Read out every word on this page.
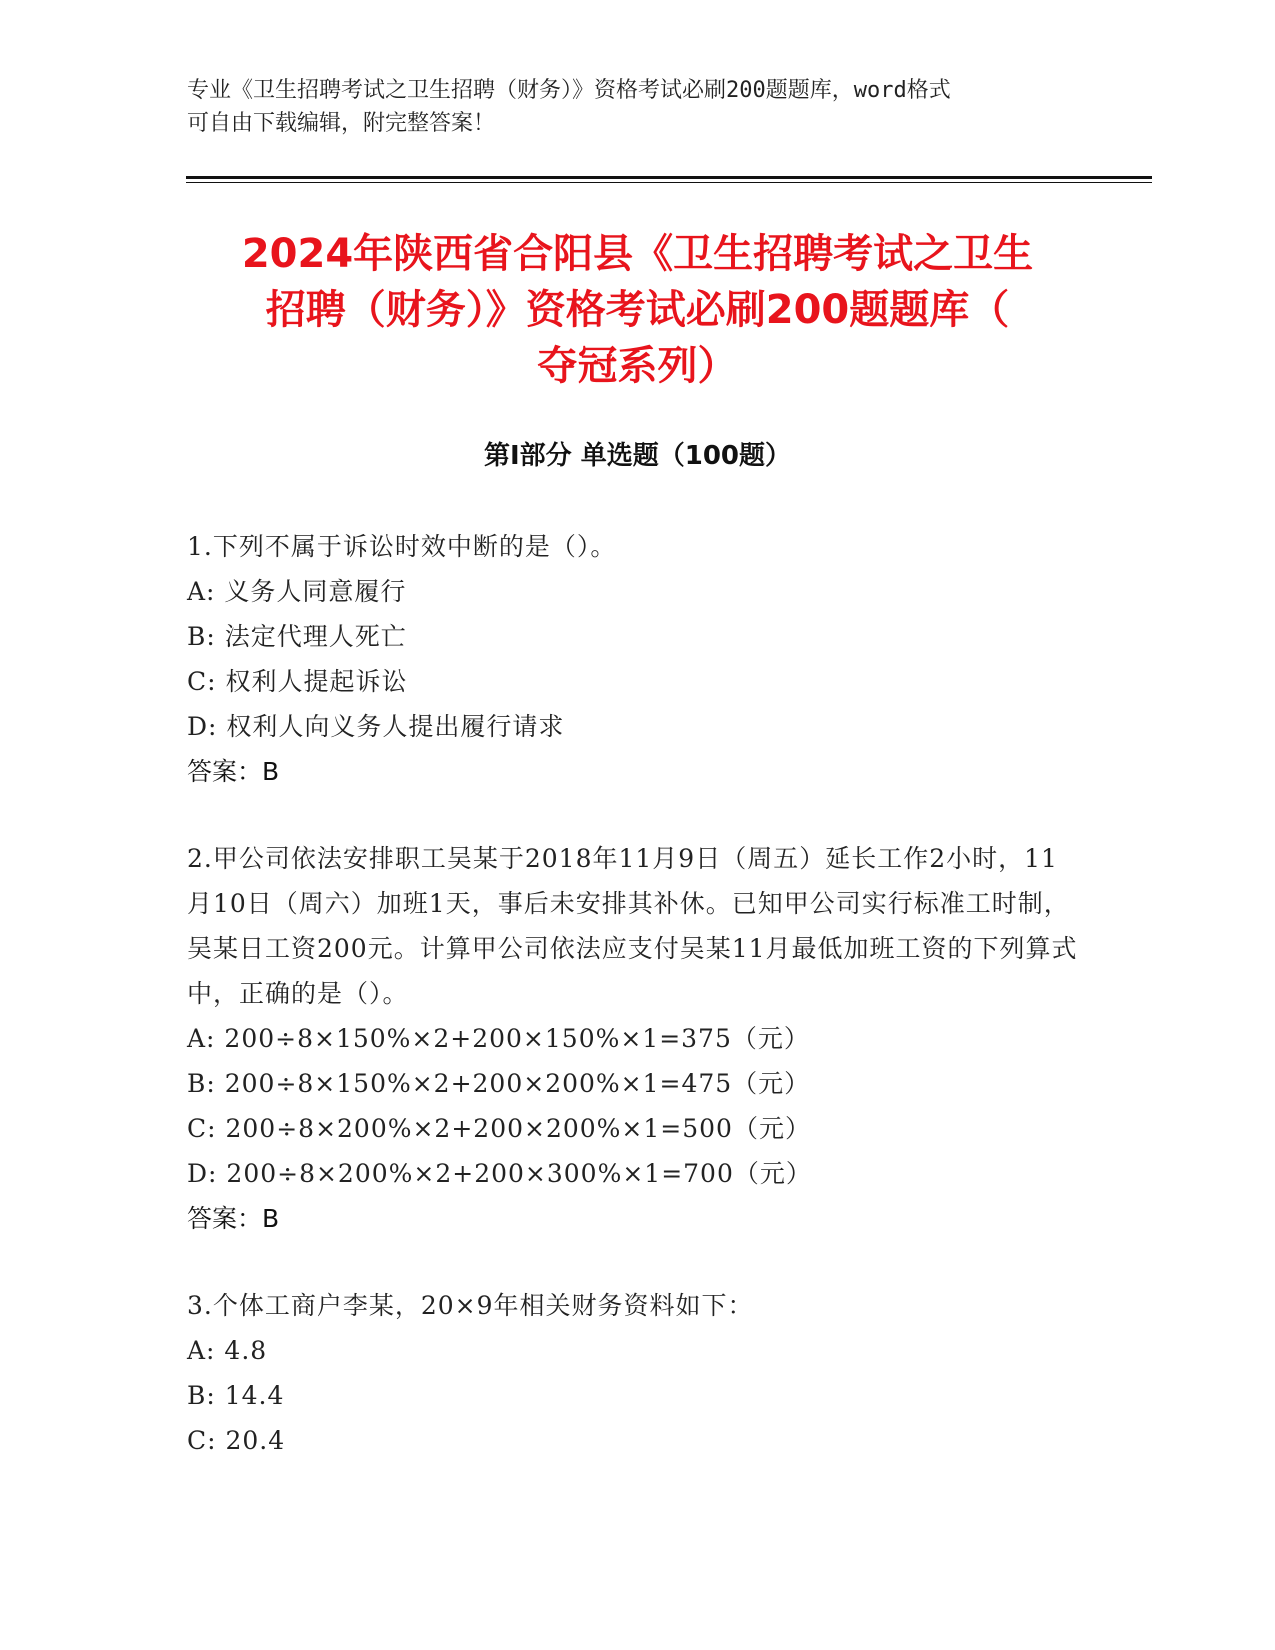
专业《卫生招聘考试之卫生招聘（财务）》资格考试必刷200题题库，word格式
可自由下载编辑，附完整答案！
2024年陕西省合阳县《卫生招聘考试之卫生
招聘（财务）》资格考试必刷200题题库（
夺冠系列）
第Ⅰ部分 单选题（100题）
1.下列不属于诉讼时效中断的是（）。
A: 义务人同意履行
B: 法定代理人死亡
C: 权利人提起诉讼
D: 权利人向义务人提出履行请求
答案：B
2.甲公司依法安排职工吴某于2018年11月9日（周五）延长工作2小时，11月10日（周六）加班1天，事后未安排其补休。已知甲公司实行标准工时制，吴某日工资200元。计算甲公司依法应支付吴某11月最低加班工资的下列算式中，正确的是（）。
A: 200÷8×150%×2+200×150%×1=375（元）
B: 200÷8×150%×2+200×200%×1=475（元）
C: 200÷8×200%×2+200×200%×1=500（元）
D: 200÷8×200%×2+200×300%×1=700（元）
答案：B
3.个体工商户李某，20×9年相关财务资料如下：
A: 4.8
B: 14.4
C: 20.4
